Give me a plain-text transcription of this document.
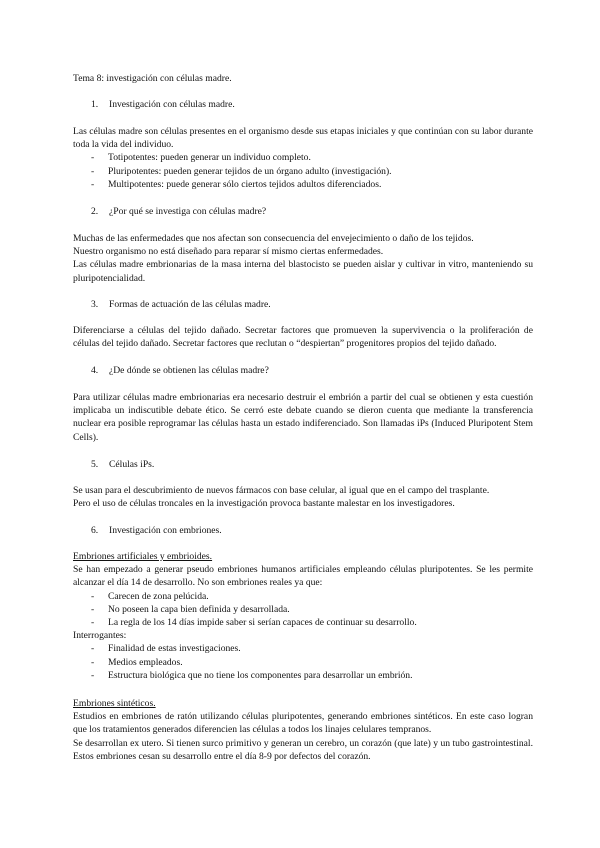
Tema 8: investigación con células madre.

1. Investigación con células madre.

Las células madre son células presentes en el organismo desde sus etapas iniciales y que continúan con su labor durante toda la vida del individuo.

- Totipotentes: pueden generar un individuo completo.
- Pluripotentes: pueden generar tejidos de un órgano adulto (investigación).
- Multipotentes: puede generar sólo ciertos tejidos adultos diferenciados.
2. ¿Por qué se investiga con células madre?

Muchas de las enfermedades que nos afectan son consecuencia del envejecimiento o daño de los tejidos.

Nuestro organismo no está diseñado para reparar sí mismo ciertas enfermedades.

Las células madre embrionarias de la masa interna del blastocisto se pueden aislar y cultivar in vitro, manteniendo su pluripotencialidad.

3. Formas de actuación de las células madre.

Diferenciarse a células del tejido dañado. Secretar factores que promueven la supervivencia o la proliferación de células del tejido dañado. Secretar factores que reclutan o “despiertan” progenitores propios del tejido dañado.

4. ¿De dónde se obtienen las células madre?

Para utilizar células madre embrionarias era necesario destruir el embrión a partir del cual se obtienen y esta cuestión implicaba un indiscutible debate ético. Se cerró este debate cuando se dieron cuenta que mediante la transferencia nuclear era posible reprogramar las células hasta un estado indiferenciado. Son llamadas iPs (Induced Pluripotent Stem Cells).

5. Células iPs.

Se usan para el descubrimiento de nuevos fármacos con base celular, al igual que en el campo del trasplante.

Pero el uso de células troncales en la investigación provoca bastante malestar en los investigadores.

6. Investigación con embriones.

Embriones artificiales y embrioides.

Se han empezado a generar pseudo embriones humanos artificiales empleando células pluripotentes. Se les permite alcanzar el día 14 de desarrollo. No son embriones reales ya que:

- Carecen de zona pelúcida.
- No poseen la capa bien definida y desarrollada.
- La regla de los 14 días impide saber si serían capaces de continuar su desarrollo.

Interrogantes:

- Finalidad de estas investigaciones.
- Medios empleados.
- Estructura biológica que no tiene los componentes para desarrollar un embrión.

Embriones sintéticos.

Estudios en embriones de ratón utilizando células pluripotentes, generando embriones sintéticos. En este caso logran que los tratamientos generados diferencien las células a todos los linajes celulares tempranos.

Se desarrollan ex utero. Si tienen surco primitivo y generan un cerebro, un corazón (que late) y un tubo gastrointestinal. Estos embriones cesan su desarrollo entre el día 8-9 por defectos del corazón.
